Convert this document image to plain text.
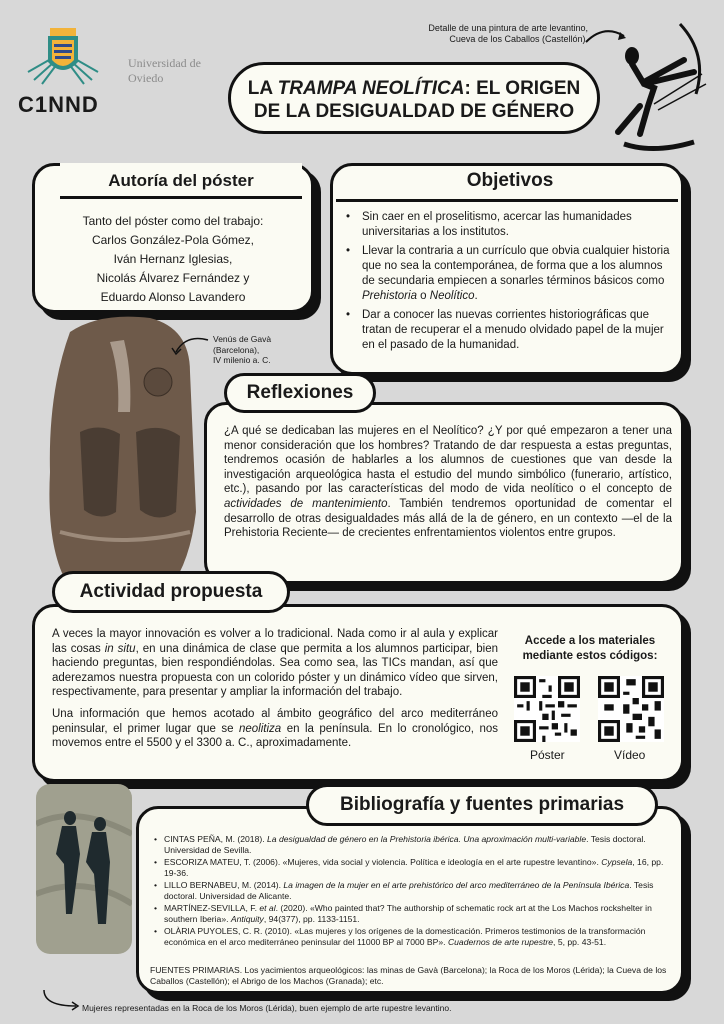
C1NND
Universidad de
Oviedo
Detalle de una pintura de arte levantino,
Cueva de los Caballos (Castellón).
LA TRAMPA NEOLÍTICA: EL ORIGEN
DE LA DESIGUALDAD DE GÉNERO
Autoría del póster
Tanto del póster como del trabajo:
Carlos González-Pola Gómez,
Iván Hernanz Iglesias,
Nicolás Álvarez Fernández y
Eduardo Alonso Lavandero
Objetivos
• Sin caer en el proselitismo, acercar las humanidades universitarias a los institutos.
• Llevar la contraria a un currículo que obvia cualquier historia que no sea la contemporánea, de forma que a los alumnos de secundaria empiecen a sonarles términos básicos como Prehistoria o Neolítico.
• Dar a conocer las nuevas corrientes historiográficas que tratan de recuperar el a menudo olvidado papel de la mujer en el pasado de la humanidad.
Venús de Gavà
(Barcelona),
IV milenio a. C.
Reflexiones
¿A qué se dedicaban las mujeres en el Neolítico? ¿Y por qué empezaron a tener una menor consideración que los hombres? Tratando de dar respuesta a estas preguntas, tendremos ocasión de hablarles a los alumnos de cuestiones que van desde la investigación arqueológica hasta el estudio del mundo simbólico (funerario, artístico, etc.), pasando por las características del modo de vida neolítico o el concepto de actividades de mantenimiento. También tendremos oportunidad de comentar el desarrollo de otras desigualdades más allá de la de género, en un contexto —el de la Prehistoria Reciente— de crecientes enfrentamientos violentos entre grupos.
Actividad propuesta

A veces la mayor innovación es volver a lo tradicional. Nada como ir al aula y explicar las cosas in situ, en una dinámica de clase que permita a los alumnos participar, bien haciendo preguntas, bien respondiéndolas. Sea como sea, las TICs mandan, así que aderezamos nuestra propuesta con un colorido póster y un dinámico vídeo que sirven, respectivamente, para presentar y ampliar la información del trabajo.

Una información que hemos acotado al ámbito geográfico del arco mediterráneo peninsular, el primer lugar que se neolitiza en la península. En lo cronológico, nos movemos entre el 5500 y el 3300 a. C., aproximadamente.

Accede a los materiales
mediante estos códigos:
Póster	Vídeo
Bibliografía y fuentes primarias
• CINTAS PEÑA, M. (2018). La desigualdad de género en la Prehistoria ibérica. Una aproximación multi-variable. Tesis doctoral. Universidad de Sevilla.
• ESCORIZA MATEU, T. (2006). «Mujeres, vida social y violencia. Política e ideología en el arte rupestre levantino». Cypsela, 16, pp. 19-36.
• LILLO BERNABEU, M. (2014). La imagen de la mujer en el arte prehistórico del arco mediterráneo de la Península Ibérica. Tesis doctoral. Universidad de Alicante.
• MARTÍNEZ-SEVILLA, F. et al. (2020). «Who painted that? The authorship of schematic rock art at the Los Machos rockshelter in southern Iberia». Antiquity, 94(377), pp. 1133-1151.
• OLÀRIA PUYOLES, C. R. (2010). «Las mujeres y los orígenes de la domesticación. Primeros testimonios de la transformación económica en el arco mediterráneo peninsular del 11000 BP al 7000 BP». Cuadernos de arte rupestre, 5, pp. 43-51.
FUENTES PRIMARIAS. Los yacimientos arqueológicos: las minas de Gavà (Barcelona); la Roca de los Moros (Lérida); la Cueva de los Caballos (Castellón); el Abrigo de los Machos (Granada); etc.
Mujeres representadas en la Roca de los Moros (Lérida), buen ejemplo de arte rupestre levantino.
